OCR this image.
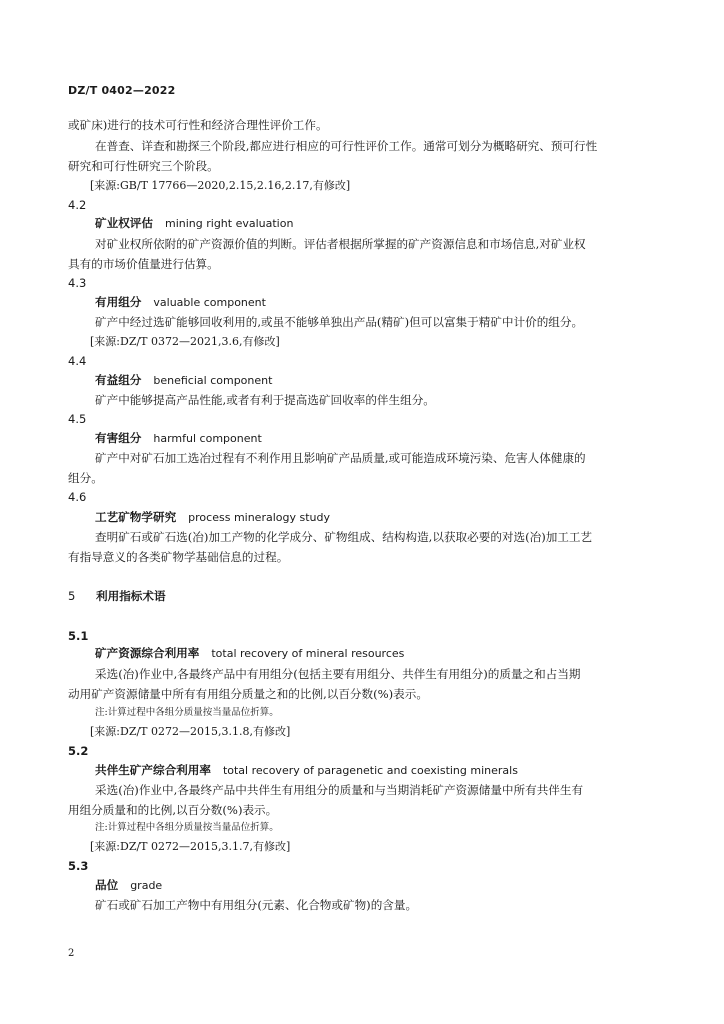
DZ/T 0402—2022
或矿床)进行的技术可行性和经济合理性评价工作。
在普查、详查和勘探三个阶段,都应进行相应的可行性评价工作。通常可划分为概略研究、预可行性
研究和可行性研究三个阶段。
[来源:GB/T 17766—2020,2.15,2.16,2.17,有修改]
4.2
矿业权评估 mining right evaluation
对矿业权所依附的矿产资源价值的判断。评估者根据所掌握的矿产资源信息和市场信息,对矿业权
具有的市场价值量进行估算。
4.3
有用组分 valuable component
矿产中经过选矿能够回收利用的,或虽不能够单独出产品(精矿)但可以富集于精矿中计价的组分。
[来源:DZ/T 0372—2021,3.6,有修改]
4.4
有益组分 beneficial component
矿产中能够提高产品性能,或者有利于提高选矿回收率的伴生组分。
4.5
有害组分 harmful component
矿产中对矿石加工选冶过程有不利作用且影响矿产品质量,或可能造成环境污染、危害人体健康的
组分。
4.6
工艺矿物学研究 process mineralogy study
查明矿石或矿石选(冶)加工产物的化学成分、矿物组成、结构构造,以获取必要的对选(冶)加工工艺
有指导意义的各类矿物学基础信息的过程。
5 利用指标术语
5.1
矿产资源综合利用率 total recovery of mineral resources
采选(冶)作业中,各最终产品中有用组分(包括主要有用组分、共伴生有用组分)的质量之和占当期
动用矿产资源储量中所有有用组分质量之和的比例,以百分数(%)表示。
注:计算过程中各组分质量按当量品位折算。
[来源:DZ/T 0272—2015,3.1.8,有修改]
5.2
共伴生矿产综合利用率 total recovery of paragenetic and coexisting minerals
采选(冶)作业中,各最终产品中共伴生有用组分的质量和与当期消耗矿产资源储量中所有共伴生有
用组分质量和的比例,以百分数(%)表示。
注:计算过程中各组分质量按当量品位折算。
[来源:DZ/T 0272—2015,3.1.7,有修改]
5.3
品位 grade
矿石或矿石加工产物中有用组分(元素、化合物或矿物)的含量。
2
